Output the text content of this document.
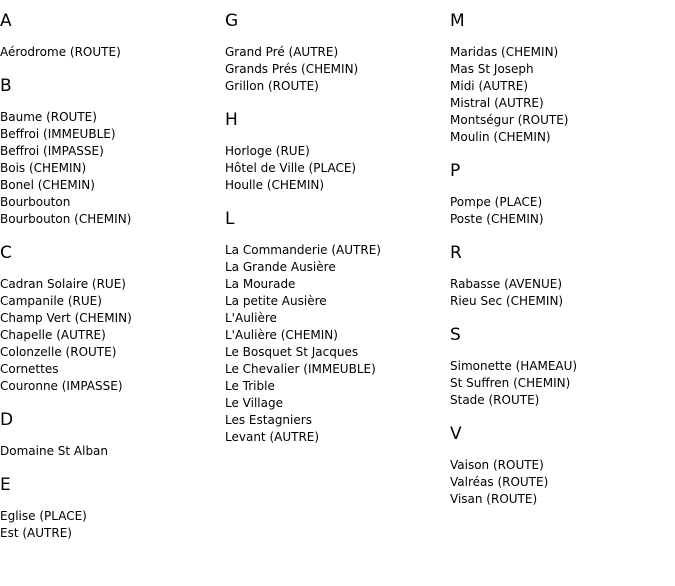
A
Aérodrome (ROUTE)
B
Baume (ROUTE)
Beffroi (IMMEUBLE)
Beffroi (IMPASSE)
Bois (CHEMIN)
Bonel (CHEMIN)
Bourbouton
Bourbouton (CHEMIN)
C
Cadran Solaire (RUE)
Campanile (RUE)
Champ Vert (CHEMIN)
Chapelle (AUTRE)
Colonzelle (ROUTE)
Cornettes
Couronne (IMPASSE)
D
Domaine St Alban
E
Eglise (PLACE)
Est (AUTRE)
G
Grand Pré (AUTRE)
Grands Prés (CHEMIN)
Grillon (ROUTE)
H
Horloge (RUE)
Hôtel de Ville (PLACE)
Houlle (CHEMIN)
L
La Commanderie (AUTRE)
La Grande Ausière
La Mourade
La petite Ausière
L'Aulière
L'Aulière (CHEMIN)
Le Bosquet St Jacques
Le Chevalier (IMMEUBLE)
Le Trible
Le Village
Les Estagniers
Levant (AUTRE)
M
Maridas (CHEMIN)
Mas St Joseph
Midi (AUTRE)
Mistral (AUTRE)
Montségur (ROUTE)
Moulin (CHEMIN)
P
Pompe (PLACE)
Poste (CHEMIN)
R
Rabasse (AVENUE)
Rieu Sec (CHEMIN)
S
Simonette (HAMEAU)
St Suffren (CHEMIN)
Stade (ROUTE)
V
Vaison (ROUTE)
Valréas (ROUTE)
Visan (ROUTE)
